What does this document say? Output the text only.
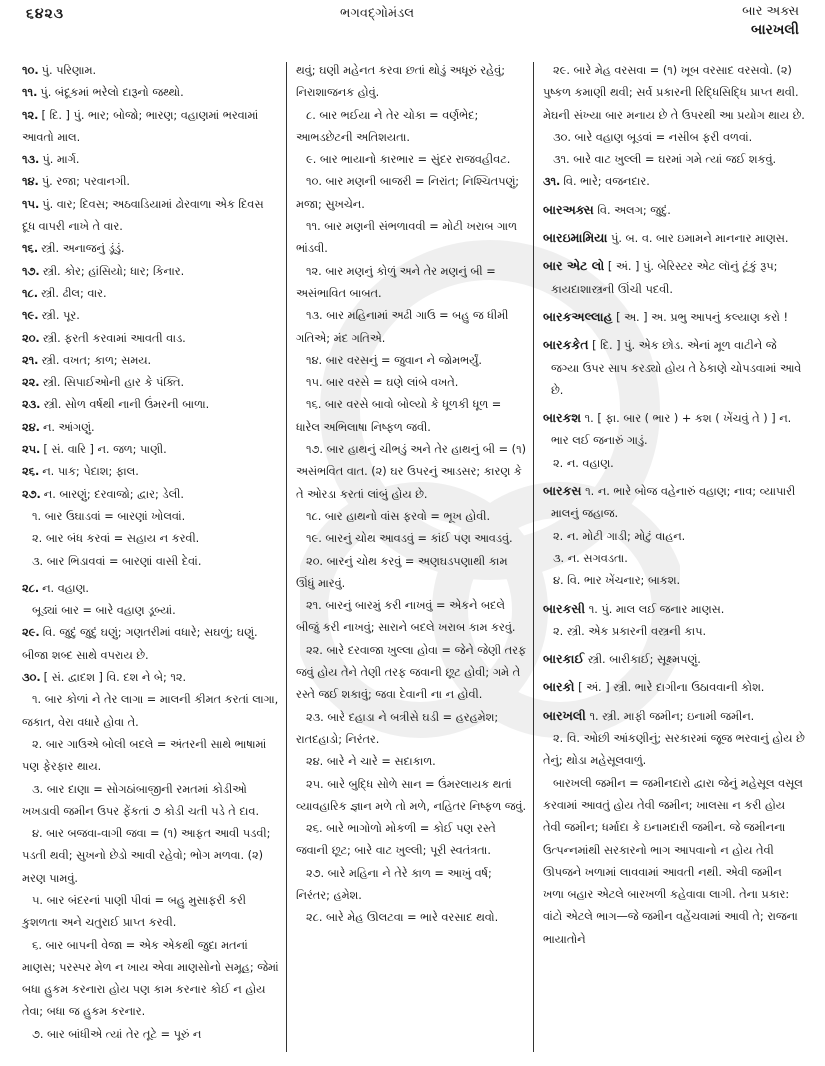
૬૪૨૩	ભગવદ્ગોમંડલ	બાર અક્સ
બારખલી
૧૦. પું. પરિણામ.
૧૧. પું. બંદૂકમાં ભરેલો દારૂનો જથ્થો.
૧૨. [ દિ. ] પું. ભાર; બોજો; ભારણ; વહાણમાં ભરવામાં આવતો માલ.
૧૩. પું. માર્ગ.
૧૪. પું. રજા; પરવાનગી.
૧૫. પું. વાર; દિવસ; અઠવાડિયામાં ઢોરવાળા એક દિવસ દૂધ વાપરી નાખે તે વાર.
૧૬. સ્ત્રી. અનાજનું ડૂંડું.
૧૭. સ્ત્રી. કોર; હાંસિયો; ધાર; કિનાર.
૧૮. સ્ત્રી. ઢીલ; વાર.
૧૯. સ્ત્રી. પૂર.
૨૦. સ્ત્રી. ફરતી કરવામાં આવતી વાડ.
૨૧. સ્ત્રી. વખત; કાળ; સમય.
૨૨. સ્ત્રી. સિપાઈઓની હાર કે પંક્તિ.
૨૩. સ્ત્રી. સોળ વર્ષથી નાની ઉંમરની બાળા.
૨૪. ન. આંગણું.
૨૫. [ સં. વારિ ] ન. જળ; પાણી.
૨૬. ન. પાક; પેદાશ; ફાલ.
૨૭. ન. બારણું; દરવાજો; દ્વાર; ડેલી.
૧. બાર ઉઘાડવાં = બારણાં ખોલવાં.
૨. બાર બંધ કરવાં = સહાય ન કરવી.
૩. બાર ભિડાવવાં = બારણાં વાસી દેવાં.
૨૮. ન. વહાણ.
બૂડ્યાં બાર = બારે વહાણ ડૂબ્યાં.
૨૯. વિ. જુદું જુદું ઘણું; ગણતરીમાં વધારે; સઘળું; ઘણું. બીજા શબ્દ સાથે વપરાય છે.
૩૦. [ સં. દ્વાદશ ] વિ. દશ ને બે; ૧૨.
૧. બાર કોળાં ને તેર લાગા = માલની કીમત કરતાં લાગા, જકાત, વેરા વધારે હોવા તે.
૨. બાર ગાઉએ બોલી બદલે = અંતરની સાથે ભાષામાં પણ ફેરફાર થાય.
૩. બાર દાણા = સોગઠાંબાજીની રમતમાં કોડીઓ ખખડાવી જમીન ઉપર ફેંકતાં ૭ કોડી ચતી પડે તે દાવ.
૪. બાર બજવા-વાગી જવા = (૧) આફત આવી પડવી; પડતી થવી; સુખનો છેડો આવી રહેવો; ભોગ મળવા. (૨) મરણ પામવું.
૫. બાર બંદરનાં પાણી પીવાં = બહુ મુસાફરી કરી કુશળતા અને ચતુરાઈ પ્રાપ્ત કરવી.
૬. બાર બાપની વેજા = એક એકથી જુદા મતનાં માણસ; પરસ્પર મેળ ન ખાય એવા માણસોનો સમૂહ; જેમાં બધા હુકમ કરનારા હોય પણ કામ કરનાર કોઈ ન હોય તેવા; બધા જ હુકમ કરનાર.
૭. બાર બાંધીએ ત્યાં તેર તૂટે = પૂરું ન
થવું; ઘણી મહેનત કરવા છતાં થોડું અધૂરું રહેવું; નિરાશાજનક હોવું.
૮. બાર ભઈયા ને તેર ચોકા = વર્ણભેદ; આભડછેટની અતિશયતા.
૯. બાર ભાયાનો કારભાર = સુંદર રાજવહીવટ.
૧૦. બાર મણની બાજરી = નિરાંત; નિશ્ચિતપણું; મજા; સુખચેન.
૧૧. બાર મણની સંભળાવવી = મોટી ખરાબ ગાળ ભાંડવી.
૧૨. બાર મણનું કોળું અને તેર મણનું બી = અસંભાવિત બાબત.
૧૩. બાર મહિનામાં અઢી ગાઉ = બહુ જ ધીમી ગતિએ; મંદ ગતિએ.
૧૪. બાર વરસનું = જુવાન ને જોમભર્યું.
૧૫. બાર વરસે = ઘણે લાંબે વખતે.
૧૬. બાર વરસે બાવો બોલ્યો કે ધૂળકી ધૂળ = ધારેલ અભિલાષા નિષ્ફળ જવી.
૧૭. બાર હાથનું ચીભડું અને તેર હાથનું બી = (૧) અસંભવિત વાત. (૨) ઘર ઉપરનું આડસર; કારણ કે તે ઓરડા કરતાં લાંબું હોય છે.
૧૮. બાર હાથનો વાંસ ફરવો = ભૂખ હોવી.
૧૯. બારનું ચોથ આવડવું = કાંઈ પણ આવડવું.
૨૦. બારનું ચોથ કરવું = અણઘડપણાથી કામ ઊંધું મારવું.
૨૧. બારનું બારમું કરી નાખવું = એકને બદલે બીજું કરી નાખવું; સારાને બદલે ખરાબ કામ કરવું.
૨૨. બારે દરવાજા ખુલ્લા હોવા = જેને જેણી તરફ જવું હોય તેને તેણી તરફ જવાની છૂટ હોવી; ગમે તે રસ્તે જઈ શકાવું; જવા દેવાની ના ન હોવી.
૨૩. બારે દહાડા ને બત્રીસે ઘડી = હરહમેશ; રાતદહાડો; નિરંતર.
૨૪. બારે ને ચારે = સદાકાળ.
૨૫. બારે બુદ્ધિ સોળે સાન = ઉંમરલાયક થતાં વ્યાવહારિક જ્ઞાન મળે તો મળે, નહિતર નિષ્ફળ જવું.
૨૬. બારે ભાગોળો મોકળી = કોઈ પણ રસ્તે જવાની છૂટ; બારે વાટ ખુલ્લી; પૂરી સ્વતંત્રતા.
૨૭. બારે મહિના ને તેરે કાળ = આખું વર્ષ; નિરંતર; હમેશ.
૨૮. બારે મેહ ઊલટવા = ભારે વરસાદ થવો.
૨૯. બારે મેહ વરસવા = (૧) ખૂબ વરસાદ વરસવો. (૨) પુષ્કળ કમાણી થવી; સર્વ પ્રકારની રિદ્ધિસિદ્ધિ પ્રાપ્ત થવી. મેઘની સંખ્યા બાર મનાય છે તે ઉપરથી આ પ્રયોગ થાય છે.
૩૦. બારે વહાણ બૂડવાં = નસીબ ફરી વળવાં.
૩૧. બારે વાટ ખુલ્લી = ઘરમાં ગમે ત્યાં જઈ શકવું.
૩૧. વિ. ભારે; વજનદાર.
બારઅક્સ વિ. અલગ; જુદું.
બારઇમામિયા પું. બ. વ. બાર ઇમામને માનનાર માણસ.
બાર એટ લો [ અં. ] પું. બેરિસ્ટર એટ લૉનું ટૂંકું રૂપ; કાયદાશાસ્ત્રની ઊંચી પદવી.
બારકઅલ્લાહ [ અ. ] અ. પ્રભુ આપનું કલ્યાણ કરો !
બારકકેત [ દિ. ] પું. એક છોડ. એનાં મૂળ વાટીને જે જગ્યા ઉપર સાપ કરડ્યો હોય તે ઠેકાણે ચોપડવામાં આવે છે.
બારકશ ૧. [ ફા. બાર ( ભાર ) + કશ ( ખેંચવું તે ) ] ન. ભાર લઈ જનારું ગાડું.
૨. ન. વહાણ.
બારકસ ૧. ન. ભારે બોજ વહેનારું વહાણ; નાવ; વ્યાપારી માલનું જહાજ.
૨. ન. મોટી ગાડી; મોટું વાહન.
૩. ન. સગવડતા.
૪. વિ. ભાર ખેંચનાર; બાકશ.
બારકસી ૧. પું. માલ લઈ જનાર માણસ.
૨. સ્ત્રી. એક પ્રકારની વસ્ત્રની કાપ.
બારકાઈ સ્ત્રી. બારીકાઈ; સૂક્ષ્મપણું.
બારકો [ અં. ] સ્ત્રી. ભારે દાગીના ઉઠાવવાની કોશ.
બારખલી ૧. સ્ત્રી. માફી જમીન; ઇનામી જમીન.
૨. વિ. ઓછી આંકણીનું; સરકારમાં જૂજ ભરવાનું હોય છે તેનું; થોડા મહેસૂલવાળું.
બારખલી જમીન = જમીનદારો દ્વારા જેનું મહેસૂલ વસૂલ કરવામાં આવતું હોય તેવી જમીન; ખાલસા ન કરી હોય તેવી જમીન; ધર્માદા કે ઇનામદારી જમીન. જે જમીનના ઉત્પન્નમાંથી સરકારનો ભાગ આપવાનો ન હોય તેવી ઊપજને ખળામાં લાવવામાં આવતી નથી. એવી જમીન ખળા બહાર એટલે બારખળી કહેવાવા લાગી. તેના પ્રકાર: વાંટો એટલે ભાગ—જે જમીન વહેંચવામાં આવી તે; રાજના ભાયાતોને
